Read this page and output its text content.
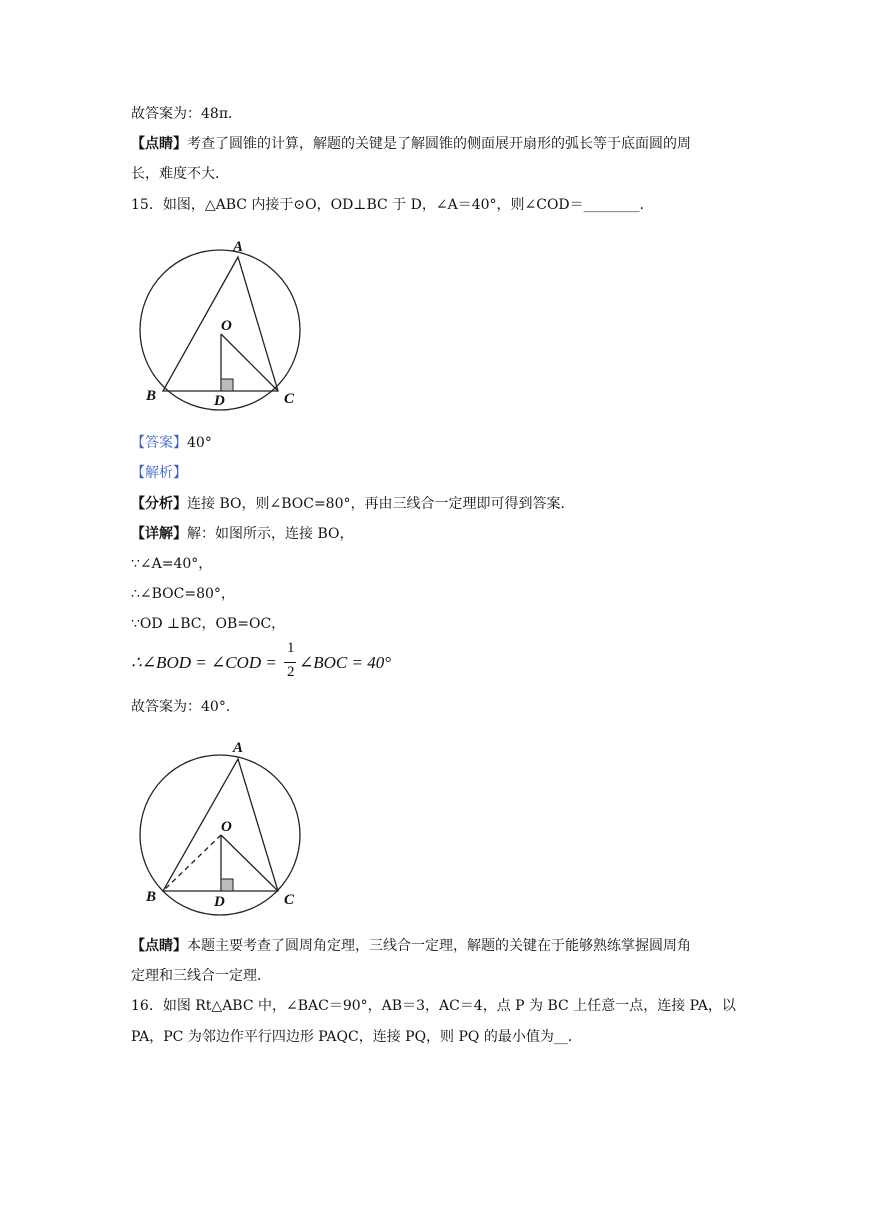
故答案为：48π．
【点睛】考查了圆锥的计算，解题的关键是了解圆锥的侧面展开扇形的弧长等于底面圆的周
长，难度不大．
15．如图，△ABC 内接于⊙O，OD⊥BC 于 D，∠A＝40°，则∠COD＝________．
A
O
B	D	C
【答案】40°
【解析】
【分析】连接 BO，则∠BOC=80°，再由三线合一定理即可得到答案．
【详解】解：如图所示，连接 BO，
∵∠A=40°，
∴∠BOC=80°，
∵OD ⊥BC，OB=OC，
∴∠BOD = ∠COD =
1
2 ∠BOC = 40°
故答案为：40°．
A
O
B	D	C
【点睛】本题主要考查了圆周角定理，三线合一定理，解题的关键在于能够熟练掌握圆周角
定理和三线合一定理．
16．如图 Rt△ABC 中，∠BAC＝90°，AB＝3，AC＝4，点 P 为 BC 上任意一点，连接 PA，以
PA，PC 为邻边作平行四边形 PAQC，连接 PQ，则 PQ 的最小值为__．
